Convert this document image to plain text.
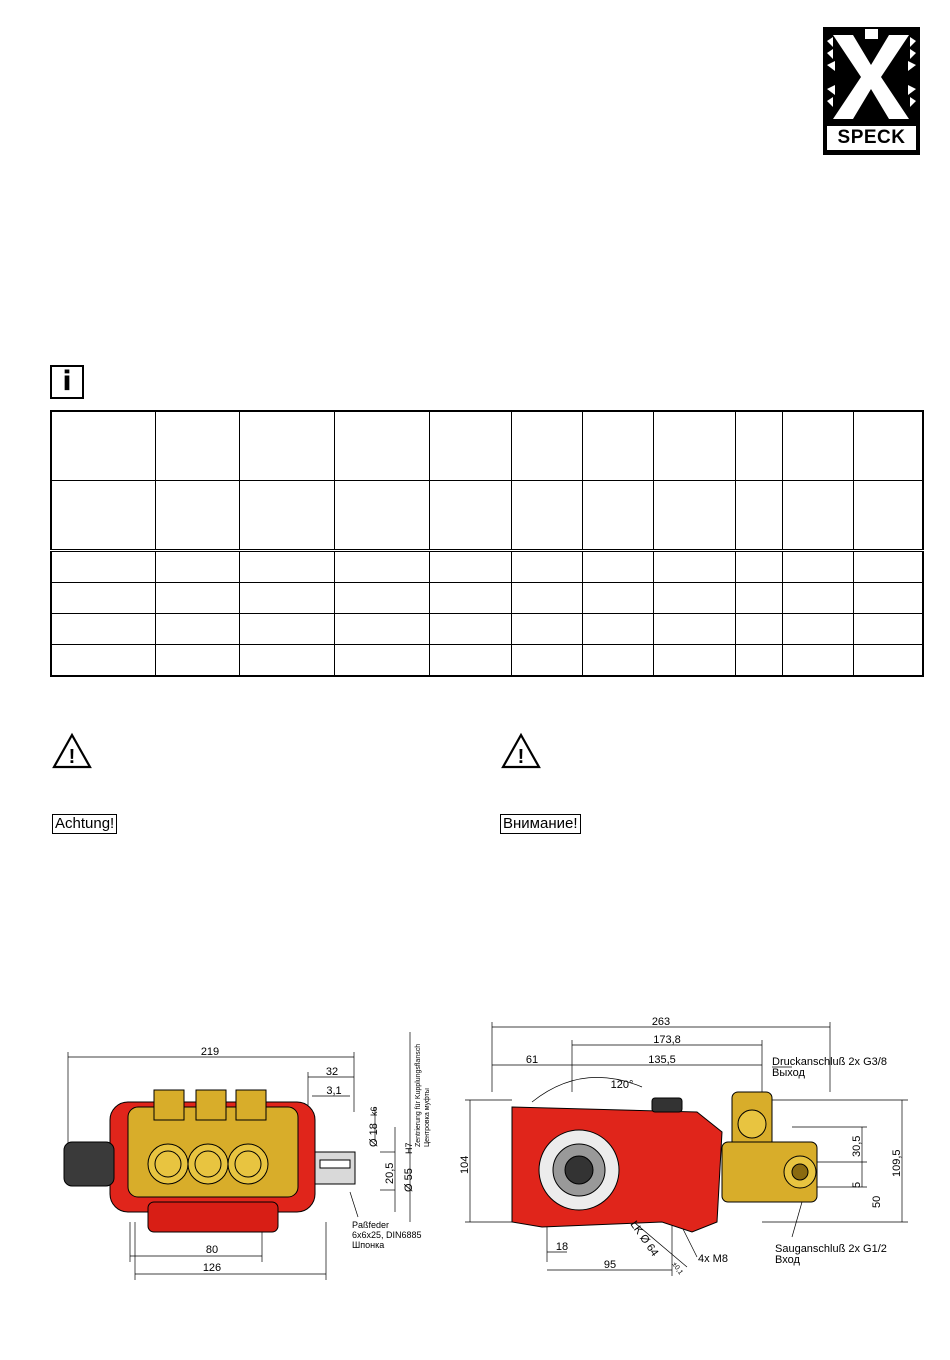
SPECK
i

!	!
Achtung!	Внимание!
219
32
3,1
80
126
Ø 18
k6
20,5 Ø 55
H7
Zentrierung für Kupplungsflansch Центровка муфты
Paßfeder
6x6x25, DIN6885
Шпонка
263
173,8
61	135,5
120°
104
30,5
109,5
5
50
18
95
LK Ø 64
±0,1
4x M8
Druckanschluß 2x G3/8
Выход
Sauganschluß 2x G1/2
Вход
